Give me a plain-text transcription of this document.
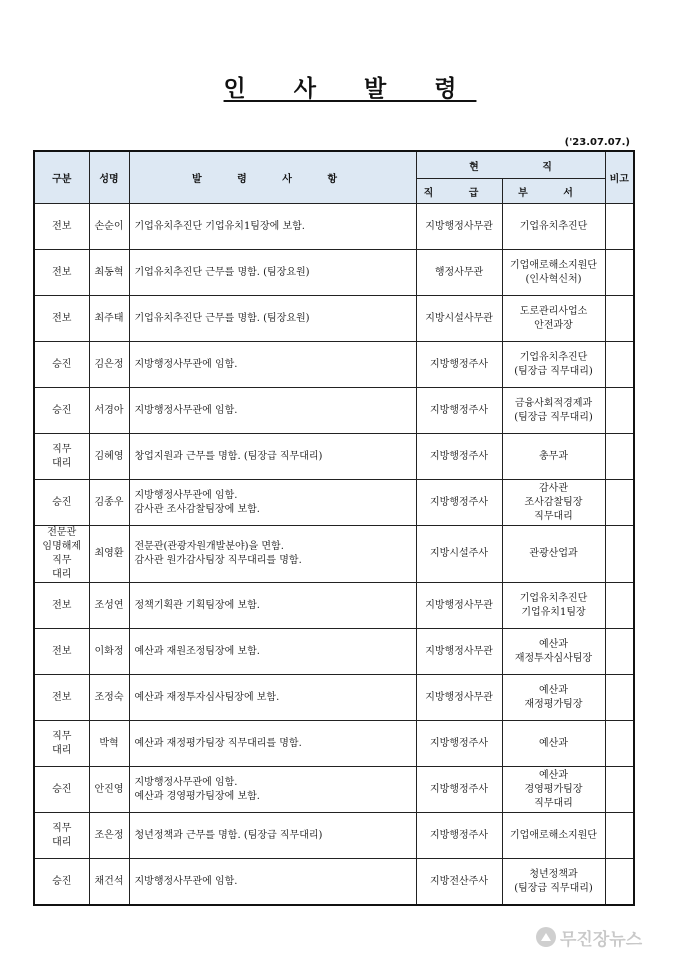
인 사 발 령
('23.07.07.)
구분	성명	발 령 사 항	현 직		비고
			직 급	부 서	

전보	손순이	기업유치추진단 기업유치1팀장에 보함.	지방행정사무관	기업유치추진단	

전보	최동혁	기업유치추진단 근무를 명함. (팀장요원)	행정사무관	기업애로해소지원단
(인사혁신처)	

전보	최주태	기업유치추진단 근무를 명함. (팀장요원)	지방시설사무관	도로관리사업소
안전과장	

승진	김은정	지방행정사무관에 임함.	지방행정주사	기업유치추진단
(팀장급 직무대리)	

승진	서경아	지방행정사무관에 임함.	지방행정주사	금융사회적경제과
(팀장급 직무대리)	

직무
대리	김혜영	창업지원과 근무를 명함. (팀장급 직무대리)	지방행정주사	총무과	

승진	김종우	지방행정사무관에 임함.
감사관 조사감찰팀장에 보함.	지방행정주사	감사관
조사감찰팀장
직무대리	

전문관
임명해제
직무
대리	최영환	전문관(관광자원개발분야)을 면함.
감사관 원가감사팀장 직무대리를 명함.	지방시설주사	관광산업과	

전보	조성연	정책기획관 기획팀장에 보함.	지방행정사무관	기업유치추진단
기업유치1팀장	

전보	이화정	예산과 재원조정팀장에 보함.	지방행정사무관	예산과
재정투자심사팀장	

전보	조정숙	예산과 재정투자심사팀장에 보함.	지방행정사무관	예산과
재정평가팀장	

직무
대리	박혁	예산과 재정평가팀장 직무대리를 명함.	지방행정주사	예산과	

승진	안진영	지방행정사무관에 임함.
예산과 경영평가팀장에 보함.	지방행정주사	예산과
경영평가팀장
직무대리	

직무
대리	조은정	청년정책과 근무를 명함. (팀장급 직무대리)	지방행정주사	기업애로해소지원단	

승진	채건석	지방행정사무관에 임함.	지방전산주사	청년정책과
(팀장급 직무대리)	

무진장뉴스
